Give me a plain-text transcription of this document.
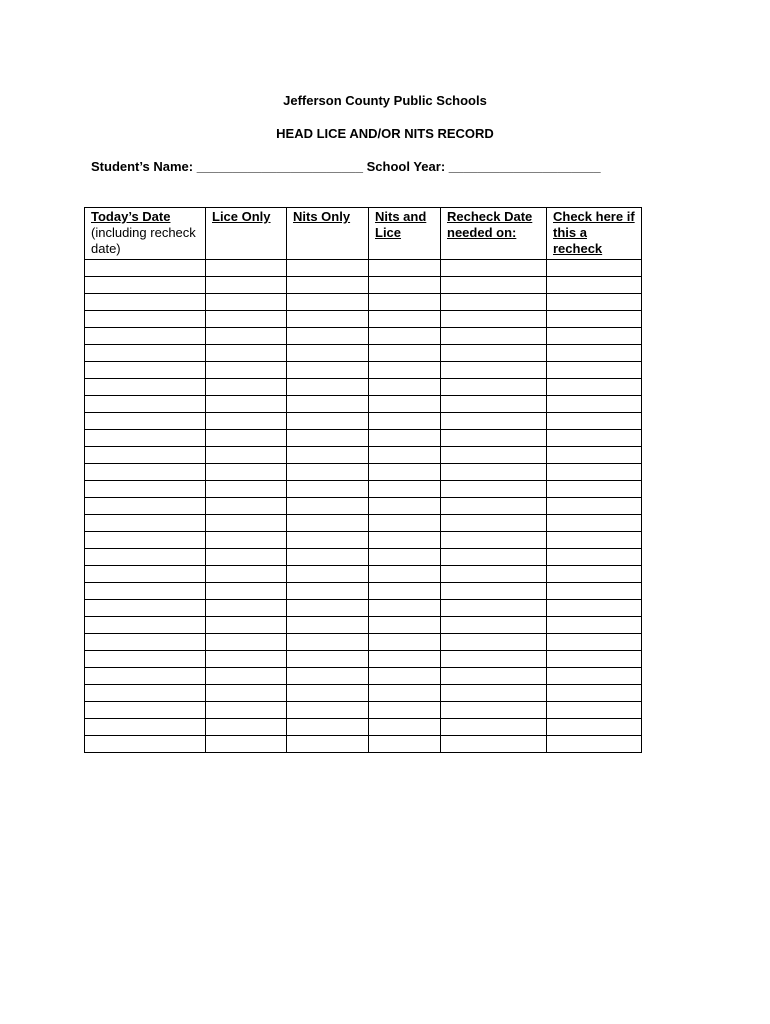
Jefferson County Public Schools
HEAD LICE AND/OR NITS RECORD
Student’s Name: _______________________ School Year: _____________________
Today’s Date
(including recheck date)	Lice Only	Nits Only	Nits and Lice	Recheck Date needed on:	Check here if this a recheck
